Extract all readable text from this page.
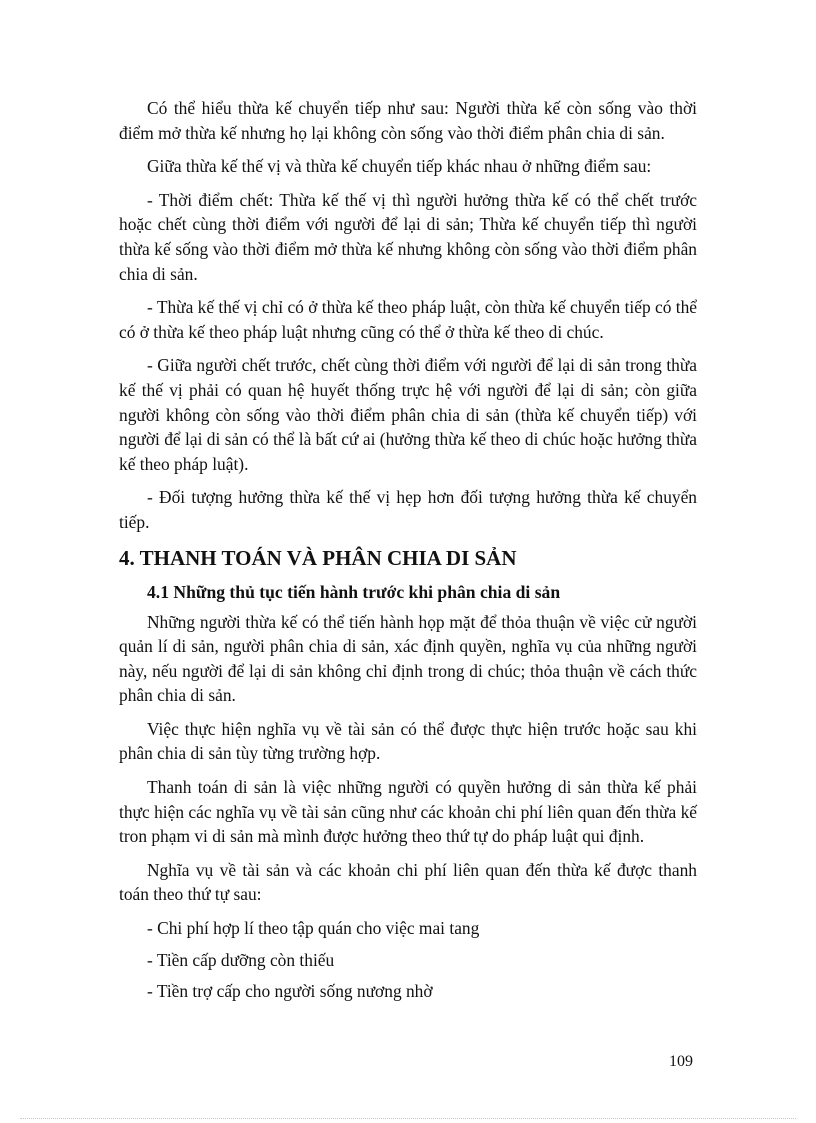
Có thể hiểu thừa kế chuyển tiếp như sau: Người thừa kế còn sống vào thời điểm mở thừa kế nhưng họ lại không còn sống vào thời điểm phân chia di sản.

Giữa thừa kế thế vị và thừa kế chuyển tiếp khác nhau ở những điểm sau:

- Thời điểm chết: Thừa kế thế vị thì người hưởng thừa kế có thể chết trước hoặc chết cùng thời điểm với người để lại di sản; Thừa kế chuyển tiếp thì người thừa kế sống vào thời điểm mở thừa kế nhưng không còn sống vào thời điểm phân chia di sản.

- Thừa kế thế vị chỉ có ở thừa kế theo pháp luật, còn thừa kế chuyển tiếp có thể có ở thừa kế theo pháp luật nhưng cũng có thể ở thừa kế theo di chúc.

- Giữa người chết trước, chết cùng thời điểm với người để lại di sản trong thừa kế thế vị phải có quan hệ huyết thống trực hệ với người để lại di sản; còn giữa người không còn sống vào thời điểm phân chia di sản (thừa kế chuyển tiếp) với người để lại di sản có thể là bất cứ ai (hưởng thừa kế theo di chúc hoặc hưởng thừa kế theo pháp luật).

- Đối tượng hưởng thừa kế thế vị hẹp hơn đối tượng hưởng thừa kế chuyển tiếp.

4. THANH TOÁN VÀ PHÂN CHIA DI SẢN
4.1 Những thủ tục tiến hành trước khi phân chia di sản

Những người thừa kế có thể tiến hành họp mặt để thỏa thuận về việc cử người quản lí di sản, người phân chia di sản, xác định quyền, nghĩa vụ của những người này, nếu người để lại di sản không chỉ định trong di chúc; thỏa thuận về cách thức phân chia di sản.

Việc thực hiện nghĩa vụ về tài sản có thể được thực hiện trước hoặc sau khi phân chia di sản tùy từng trường hợp.

Thanh toán di sản là việc những người có quyền hưởng di sản thừa kế phải thực hiện các nghĩa vụ về tài sản cũng như các khoản chi phí liên quan đến thừa kế tron phạm vi di sản mà mình được hưởng theo thứ tự do pháp luật qui định.

Nghĩa vụ về tài sản và các khoản chi phí liên quan đến thừa kế được thanh toán theo thứ tự sau:

- Chi phí hợp lí theo tập quán cho việc mai tang

- Tiền cấp dưỡng còn thiếu

- Tiền trợ cấp cho người sống nương nhờ

109
